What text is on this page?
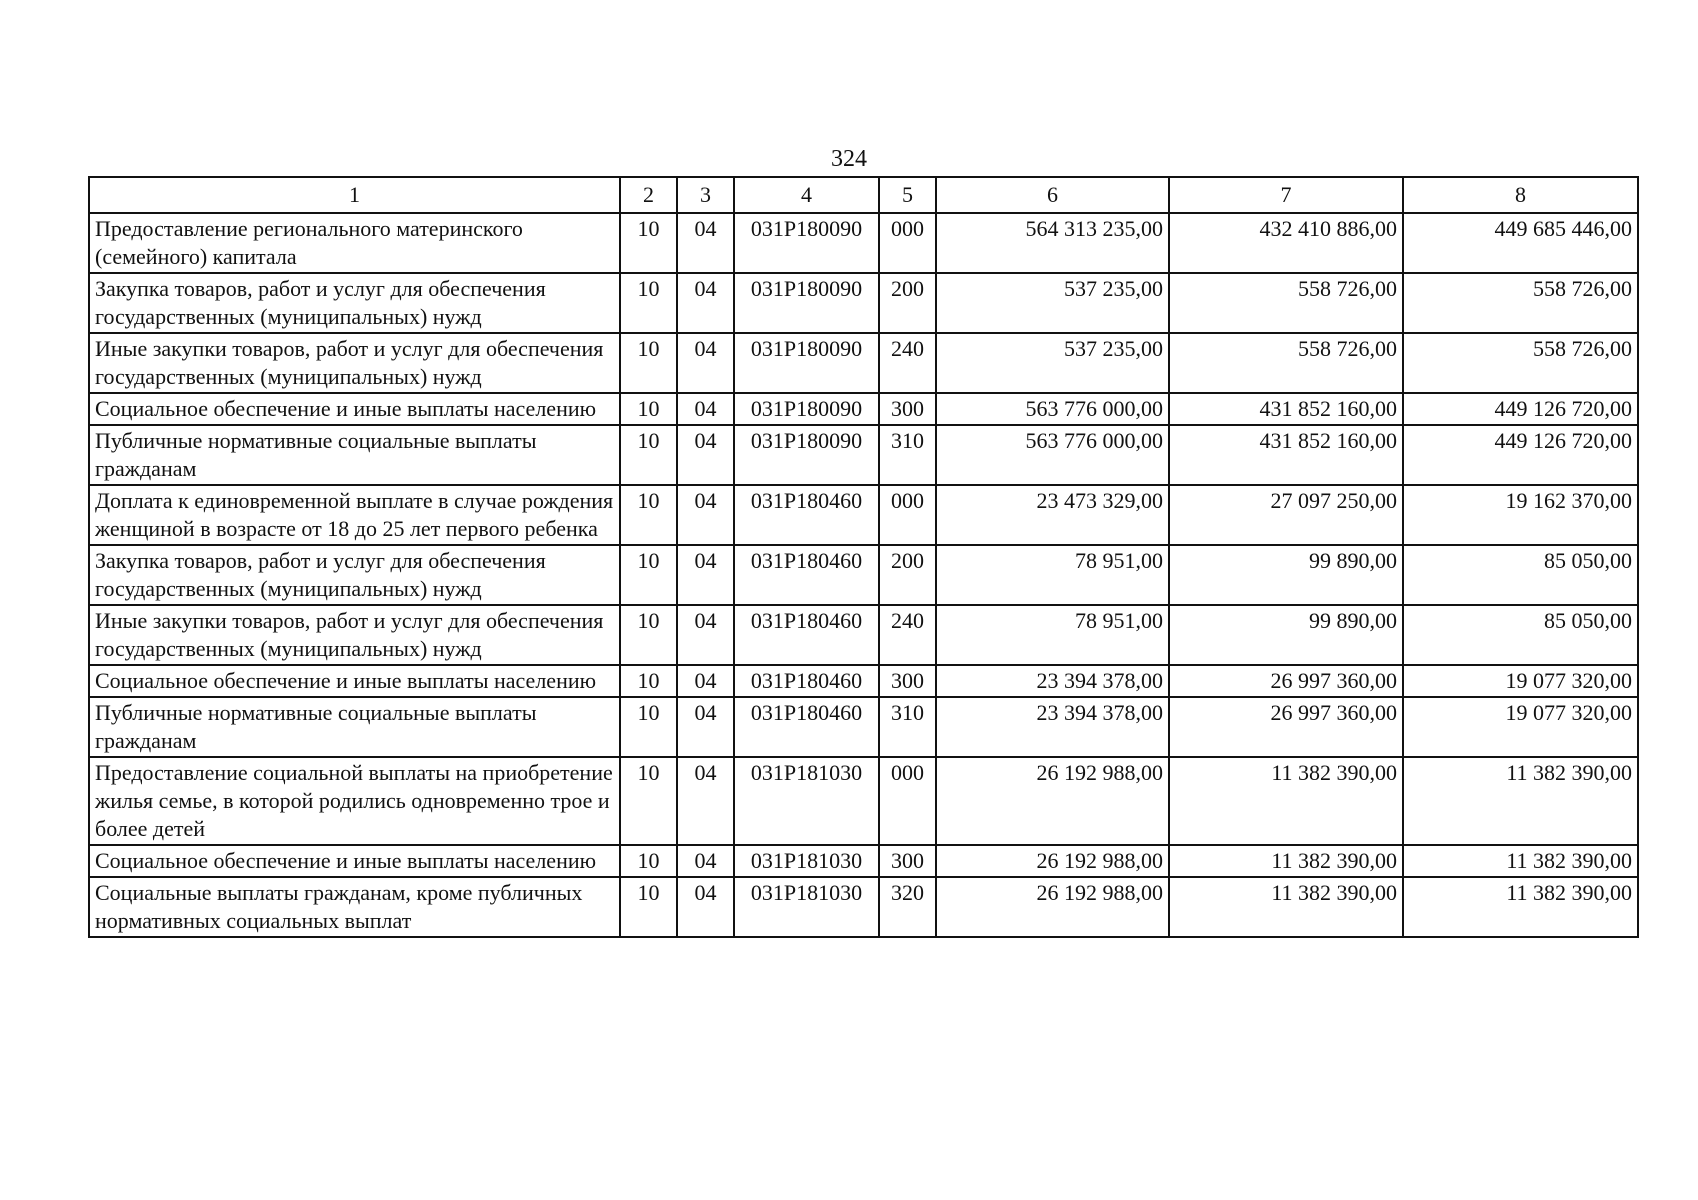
324
1	2	3	4	5	6	7	8
Предоставление регионального материнского (семейного) капитала	10	04	031P180090	000	564 313 235,00	432 410 886,00	449 685 446,00
Закупка товаров, работ и услуг для обеспечения государственных (муниципальных) нужд	10	04	031P180090	200	537 235,00	558 726,00	558 726,00
Иные закупки товаров, работ и услуг для обеспечения государственных (муниципальных) нужд	10	04	031P180090	240	537 235,00	558 726,00	558 726,00
Социальное обеспечение и иные выплаты населению	10	04	031P180090	300	563 776 000,00	431 852 160,00	449 126 720,00
Публичные нормативные социальные выплаты гражданам	10	04	031P180090	310	563 776 000,00	431 852 160,00	449 126 720,00
Доплата к единовременной выплате в случае рождения женщиной в возрасте от 18 до 25 лет первого ребенка	10	04	031P180460	000	23 473 329,00	27 097 250,00	19 162 370,00
Закупка товаров, работ и услуг для обеспечения государственных (муниципальных) нужд	10	04	031P180460	200	78 951,00	99 890,00	85 050,00
Иные закупки товаров, работ и услуг для обеспечения государственных (муниципальных) нужд	10	04	031P180460	240	78 951,00	99 890,00	85 050,00
Социальное обеспечение и иные выплаты населению	10	04	031P180460	300	23 394 378,00	26 997 360,00	19 077 320,00
Публичные нормативные социальные выплаты гражданам	10	04	031P180460	310	23 394 378,00	26 997 360,00	19 077 320,00
Предоставление социальной выплаты на приобретение жилья семье, в которой родились одновременно трое и более детей	10	04	031P181030	000	26 192 988,00	11 382 390,00	11 382 390,00
Социальное обеспечение и иные выплаты населению	10	04	031P181030	300	26 192 988,00	11 382 390,00	11 382 390,00
Социальные выплаты гражданам, кроме публичных нормативных социальных выплат	10	04	031P181030	320	26 192 988,00	11 382 390,00	11 382 390,00
